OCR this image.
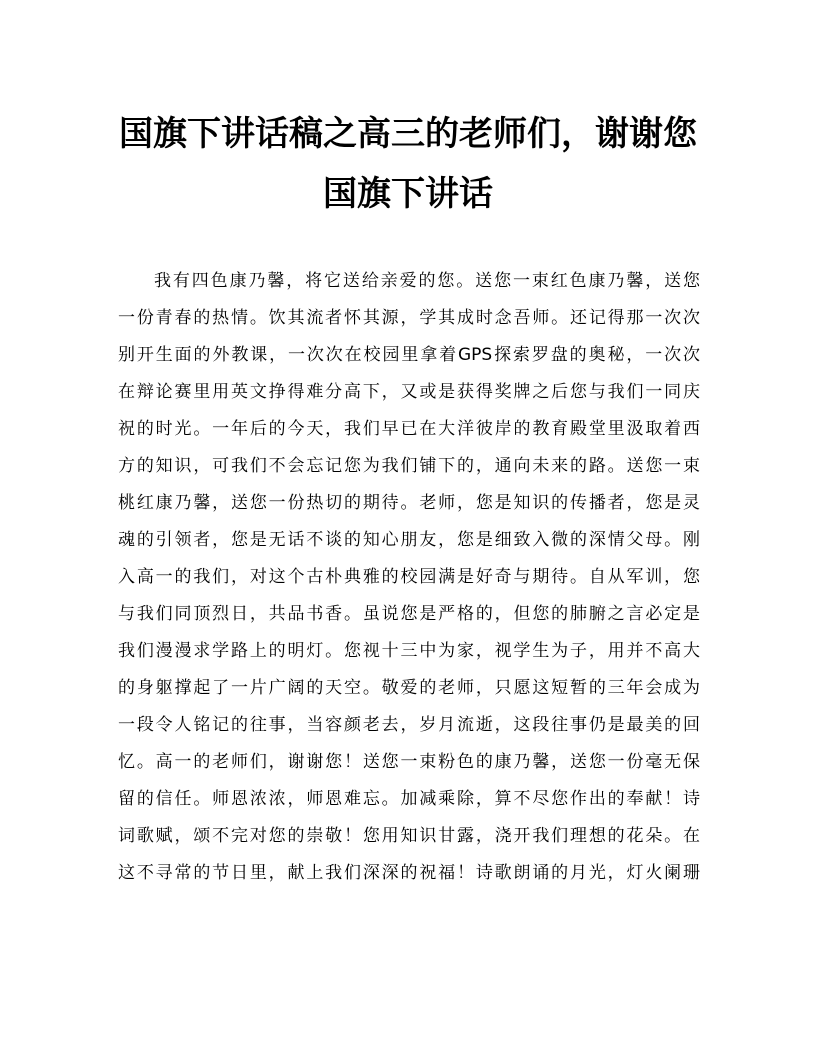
国旗下讲话稿之高三的老师们，谢谢您
国旗下讲话
我有四色康乃馨，将它送给亲爱的您。送您一束红色康乃馨，送您
一份青春的热情。饮其流者怀其源，学其成时念吾师。还记得那一次次
别开生面的外教课，一次次在校园里拿着GPS探索罗盘的奥秘，一次次
在辩论赛里用英文挣得难分高下，又或是获得奖牌之后您与我们一同庆
祝的时光。一年后的今天，我们早已在大洋彼岸的教育殿堂里汲取着西
方的知识，可我们不会忘记您为我们铺下的，通向未来的路。送您一束
桃红康乃馨，送您一份热切的期待。老师，您是知识的传播者，您是灵
魂的引领者，您是无话不谈的知心朋友，您是细致入微的深情父母。刚
入高一的我们，对这个古朴典雅的校园满是好奇与期待。自从军训，您
与我们同顶烈日，共品书香。虽说您是严格的，但您的肺腑之言必定是
我们漫漫求学路上的明灯。您视十三中为家，视学生为子，用并不高大
的身躯撑起了一片广阔的天空。敬爱的老师，只愿这短暂的三年会成为
一段令人铭记的往事，当容颜老去，岁月流逝，这段往事仍是最美的回
忆。高一的老师们，谢谢您！送您一束粉色的康乃馨，送您一份毫无保
留的信任。师恩浓浓，师恩难忘。加减乘除，算不尽您作出的奉献！诗
词歌赋，颂不完对您的崇敬！您用知识甘露，浇开我们理想的花朵。在
这不寻常的节日里，献上我们深深的祝福！诗歌朗诵的月光，灯火阑珊
